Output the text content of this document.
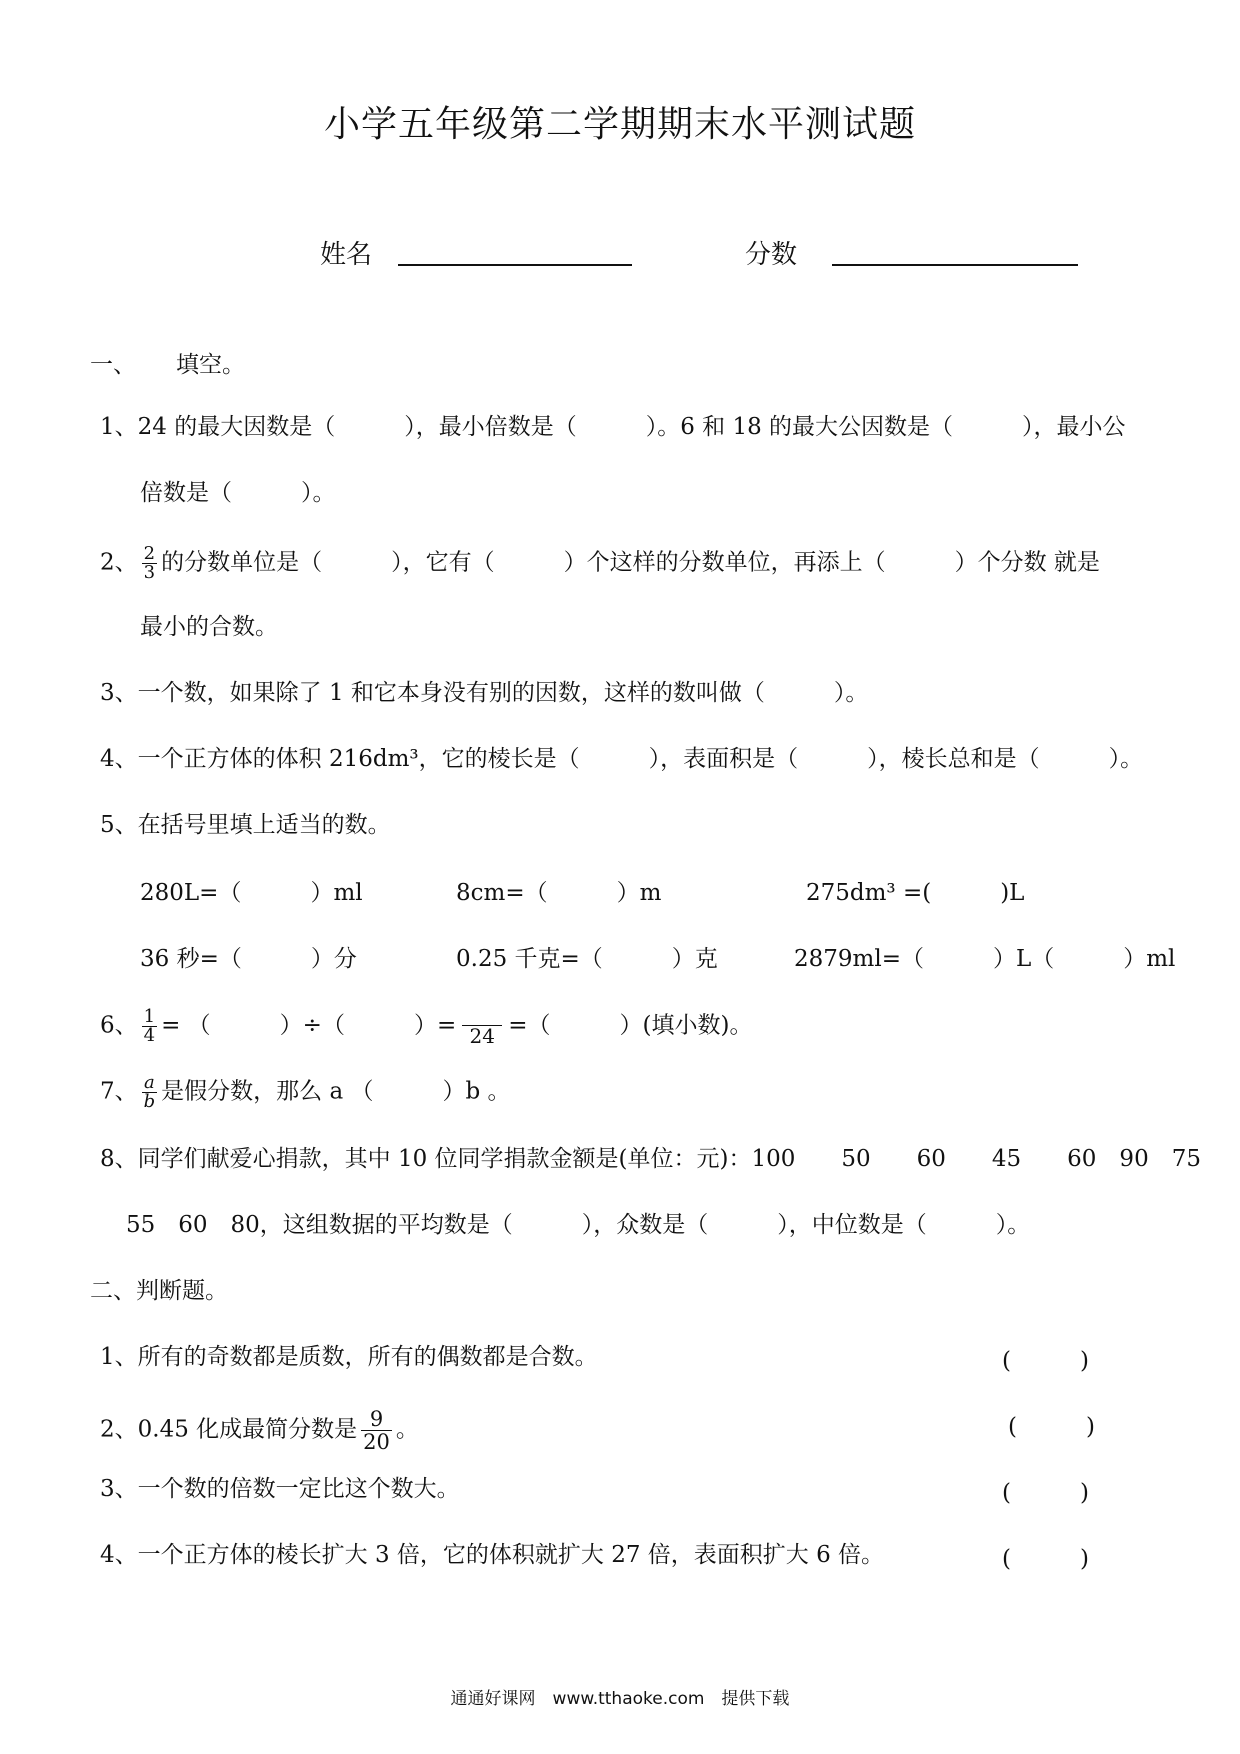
小学五年级第二学期期末水平测试题
姓名	分数
一、 填空。
1、24 的最大因数是（　　　），最小倍数是（　　　）。6 和 18 的最大公因数是（　　　），最小公
倍数是（　　　）。
2、 $\frac{2}{3}$ 的分数单位是（　　　），它有（　　　）个这样的分数单位，再添上（　　　）个分数 就是
最小的合数。
3、一个数，如果除了 1 和它本身没有别的因数，这样的数叫做（　　　）。
4、一个正方体的体积 216dm³，它的棱长是（　　　），表面积是（　　　），棱长总和是（　　　）。
5、在括号里填上适当的数。
280L=（　　　）ml	8cm=（　　　）m	275dm³ =(　　　)L
36 秒=（　　　）分	0.25 千克=（　　　）克	2879ml=（　　　）L（　　　）ml
6、 $\frac{1}{4}$ = （　　　）÷（　　　）= 24 =（　　　）(填小数)。
7、 $\frac{a}{b}$ 是假分数，那么 a （　　　）b 。
8、同学们献爱心捐款，其中 10 位同学捐款金额是(单位：元)：100　　50　　60　　45　　60　90　75
55　60　80，这组数据的平均数是（　　　），众数是（　　　），中位数是（　　　）。
二、判断题。
1、所有的奇数都是质数，所有的偶数都是合数。	(　　　)
2、0.45 化成最简分数是 $\frac{9}{20}$ 。	(　　　)
3、一个数的倍数一定比这个数大。	(　　　)
4、一个正方体的棱长扩大 3 倍，它的体积就扩大 27 倍，表面积扩大 6 倍。	(　　　)
通通好课网　www.tthaoke.com　提供下载
